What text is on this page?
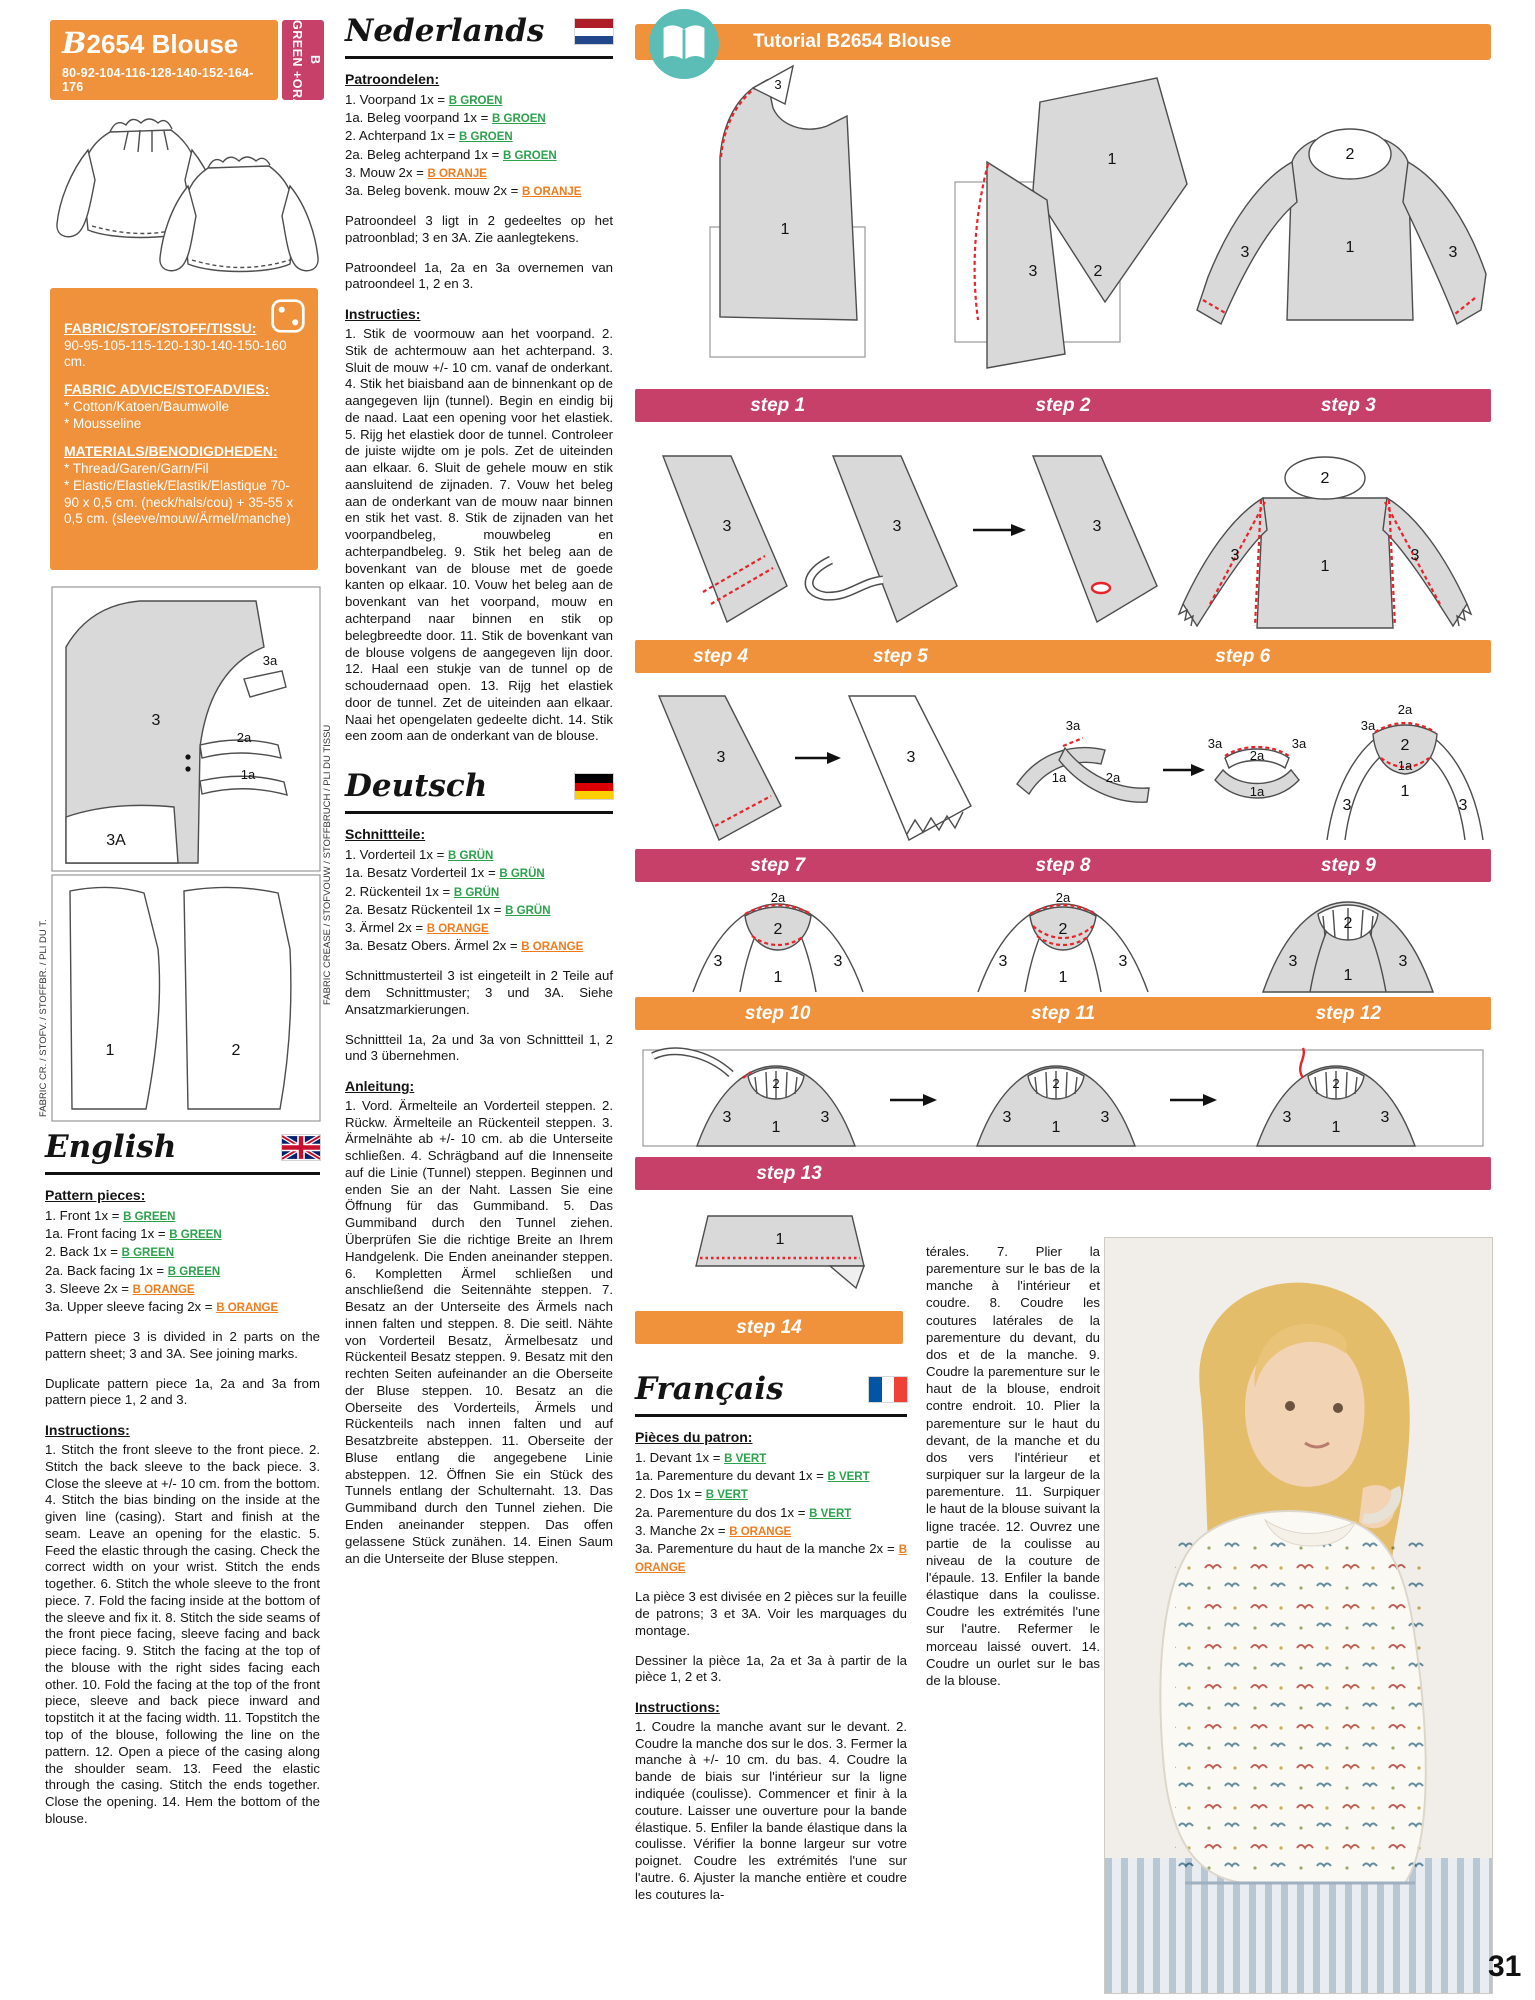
B2654 Blouse
80-92-104-116-128-140-152-164-176
B GREEN +ORANGE
FABRIC/STOF/STOFF/TISSU:

90-95-105-115-120-130-140-150-160 cm.

FABRIC ADVICE/STOFADVIES:

* Cotton/Katoen/Baumwolle

* Mousseline

MATERIALS/BENODIGDHEDEN:

* Thread/Garen/Garn/Fil

* Elastic/Elastiek/Elastik/Elastique 70-90 x 0,5 cm. (neck/hals/cou) + 35-55 x 0,5 cm. (sleeve/mouw/Ärmel/manche)

3
3a
2a
1a
3A
1	2
FABRIC CR. / STOFV. / STOFFBR. / PLI DU T.
FABRIC CREASE / STOFVOUW / STOFFBRUCH / PLI DU TISSU
Nederlands
Patroondelen:
1. Voorpand 1x = B GROEN
1a. Beleg voorpand 1x = B GROEN
2. Achterpand 1x = B GROEN
2a. Beleg achterpand 1x = B GROEN
3. Mouw 2x = B ORANJE
3a. Beleg bovenk. mouw 2x = B ORANJE

Patroondeel 3 ligt in 2 gedeeltes op het patroonblad; 3 en 3A. Zie aanlegtekens.

Patroondeel 1a, 2a en 3a overnemen van patroondeel 1, 2 en 3.

Instructies:

1. Stik de voormouw aan het voorpand. 2. Stik de achtermouw aan het achterpand. 3. Sluit de mouw +/- 10 cm. vanaf de onderkant. 4. Stik het biaisband aan de binnenkant op de aangegeven lijn (tunnel). Begin en eindig bij de naad. Laat een opening voor het elastiek. 5. Rijg het elastiek door de tunnel. Controleer de juiste wijdte om je pols. Zet de uiteinden aan elkaar. 6. Sluit de gehele mouw en stik aansluitend de zijnaden. 7. Vouw het beleg aan de onderkant van de mouw naar binnen en stik het vast. 8. Stik de zijnaden van het voorpandbeleg, mouwbeleg en achterpandbeleg. 9. Stik het beleg aan de bovenkant van de blouse met de goede kanten op elkaar. 10. Vouw het beleg aan de bovenkant van het voorpand, mouw en achterpand naar binnen en stik op belegbreedte door. 11. Stik de bovenkant van de blouse volgens de aangegeven lijn door. 12. Haal een stukje van de tunnel op de schoudernaad open. 13. Rijg het elastiek door de tunnel. Zet de uiteinden aan elkaar. Naai het opengelaten gedeelte dicht. 14. Stik een zoom aan de onderkant van de blouse.

Deutsch
Schnittteile:
1. Vorderteil 1x = B GRÜN
1a. Besatz Vorderteil 1x = B GRÜN
2. Rückenteil 1x = B GRÜN
2a. Besatz Rückenteil 1x = B GRÜN
3. Ärmel 2x = B ORANGE
3a. Besatz Obers. Ärmel 2x = B ORANGE

Schnittmusterteil 3 ist eingeteilt in 2 Teile auf dem Schnittmuster; 3 und 3A. Siehe Ansatzmarkierungen.

Schnittteil 1a, 2a und 3a von Schnittteil 1, 2 und 3 übernehmen.

Anleitung:

1. Vord. Ärmelteile an Vorderteil steppen. 2. Rückw. Ärmelteile an Rückenteil steppen. 3. Ärmelnähte ab +/- 10 cm. ab die Unterseite schließen. 4. Schrägband auf die Innenseite auf die Linie (Tunnel) steppen. Beginnen und enden Sie an der Naht. Lassen Sie eine Öffnung für das Gummiband. 5. Das Gummiband durch den Tunnel ziehen. Überprüfen Sie die richtige Breite an Ihrem Handgelenk. Die Enden aneinander steppen. 6. Kompletten Ärmel schließen und anschließend die Seitennähte steppen. 7. Besatz an der Unterseite des Ärmels nach innen falten und steppen. 8. Die seitl. Nähte von Vorderteil Besatz, Ärmelbesatz und Rückenteil Besatz steppen. 9. Besatz mit den rechten Seiten aufeinander an die Oberseite der Bluse steppen. 10. Besatz an die Oberseite des Vorderteils, Ärmels und Rückenteils nach innen falten und auf Besatzbreite absteppen. 11. Oberseite der Bluse entlang die angegebene Linie absteppen. 12. Öffnen Sie ein Stück des Tunnels entlang der Schulternaht. 13. Das Gummiband durch den Tunnel ziehen. Die Enden aneinander steppen. Das offen gelassene Stück zunähen. 14. Einen Saum an die Unterseite der Bluse steppen.

English
Pattern pieces:
1. Front 1x = B GREEN
1a. Front facing 1x = B GREEN
2. Back 1x = B GREEN
2a. Back facing 1x = B GREEN
3. Sleeve 2x = B ORANGE
3a. Upper sleeve facing 2x = B ORANGE

Pattern piece 3 is divided in 2 parts on the pattern sheet; 3 and 3A. See joining marks.

Duplicate pattern piece 1a, 2a and 3a from pattern piece 1, 2 and 3.

Instructions:

1. Stitch the front sleeve to the front piece. 2. Stitch the back sleeve to the back piece. 3. Close the sleeve at +/- 10 cm. from the bottom. 4. Stitch the bias binding on the inside at the given line (casing). Start and finish at the seam. Leave an opening for the elastic. 5. Feed the elastic through the casing. Check the correct width on your wrist. Stitch the ends together. 6. Stitch the whole sleeve to the front piece. 7. Fold the facing inside at the bottom of the sleeve and fix it. 8. Stitch the side seams of the front piece facing, sleeve facing and back piece facing. 9. Stitch the facing at the top of the blouse with the right sides facing each other. 10. Fold the facing at the top of the front piece, sleeve and back piece inward and topstitch it at the facing width. 11. Topstitch the top of the blouse, following the line on the pattern. 12. Open a piece of the casing along the shoulder seam. 13. Feed the elastic through the casing. Stitch the ends together. Close the opening. 14. Hem the bottom of the blouse.

Tutorial B2654 Blouse
3
1
1
3	2
2
1
3	3
step 1	step 2	step 3
3	3	3
2
1
3	3
step 4	step 5	step 6
3	3
3a
1a	2a
3a
2a
3a
1a
2a
3a
2
1a
1
3	3
step 7	step 8	step 9
2a
2
1
3	3
2a
2
1
3	3
2
1
3	3
step 10	step 11	step 12
2
1
3	3
2
1
3	3
2
1
3	3
step 13
1
step 14
Français
Pièces du patron:
1. Devant 1x = B VERT
1a. Parementure du devant 1x = B VERT
2. Dos 1x = B VERT
2a. Parementure du dos 1x = B VERT
3. Manche 2x = B ORANGE
3a. Parementure du haut de la manche 2x = B ORANGE

La pièce 3 est divisée en 2 pièces sur la feuille de patrons; 3 et 3A. Voir les marquages du montage.

Dessiner la pièce 1a, 2a et 3a à partir de la pièce 1, 2 et 3.

Instructions:

1. Coudre la manche avant sur le devant. 2. Coudre la manche dos sur le dos. 3. Fermer la manche à +/- 10 cm. du bas. 4. Coudre la bande de biais sur l'intérieur sur la ligne indiquée (coulisse). Commencer et finir à la couture. Laisser une ouverture pour la bande élastique. 5. Enfiler la bande élastique dans la coulisse. Vérifier la bonne largeur sur votre poignet. Coudre les extrémités l'une sur l'autre. 6. Ajuster la manche entière et coudre les coutures la-

térales. 7. Plier la parementure sur le bas de la manche à l'intérieur et coudre. 8. Coudre les coutures latérales de la parementure du devant, du dos et de la manche. 9. Coudre la parementure sur le haut de la blouse, endroit contre endroit. 10. Plier la parementure sur le haut du devant, de la manche et du dos vers l'intérieur et surpiquer sur la largeur de la parementure. 11. Surpiquer le haut de la blouse suivant la ligne tracée. 12. Ouvrez une partie de la coulisse au niveau de la couture de l'épaule. 13. Enfiler la bande élastique dans la coulisse. Coudre les extrémités l'une sur l'autre. Refermer le morceau laissé ouvert. 14. Coudre un ourlet sur le bas de la blouse.

31
